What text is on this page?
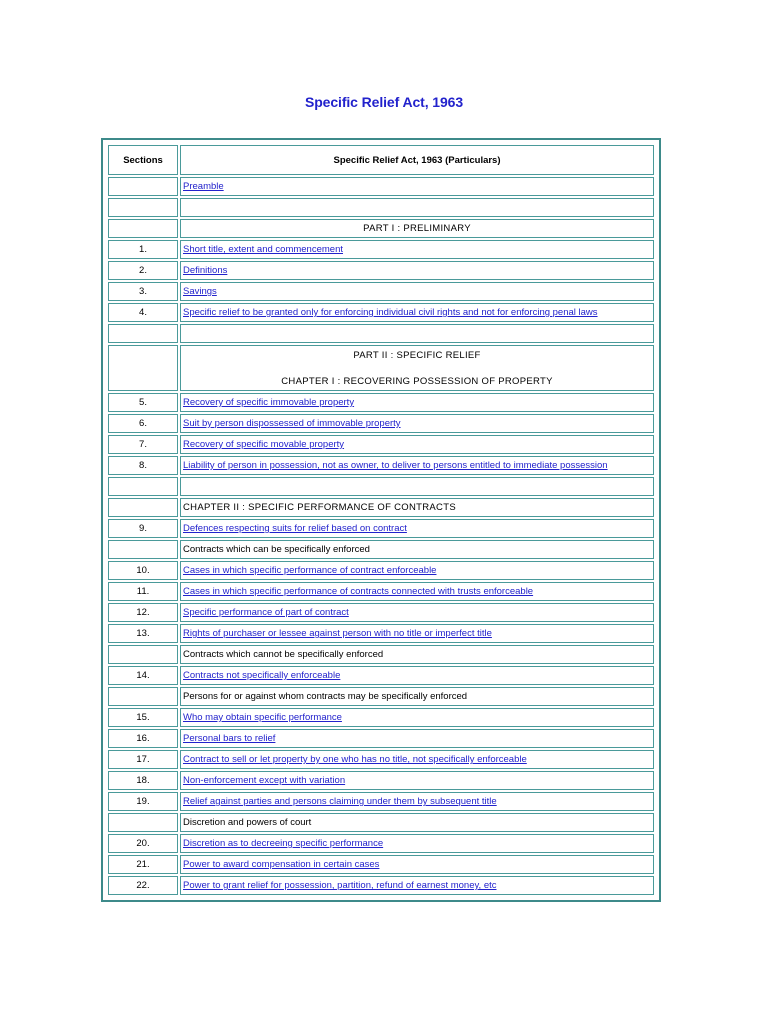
Specific Relief Act, 1963
Sections	Specific Relief Act, 1963 (Particulars)
	Preamble

	PART I : PRELIMINARY
1.	Short title, extent and commencement
2.	Definitions
3.	Savings
4.	Specific relief to be granted only for enforcing individual civil rights and not for enforcing penal laws

	PART II : SPECIFIC RELIEF
CHAPTER I : RECOVERING POSSESSION OF PROPERTY

5.	Recovery of specific immovable property
6.	Suit by person dispossessed of immovable property
7.	Recovery of specific movable property
8.	Liability of person in possession, not as owner, to deliver to persons entitled to immediate possession

	CHAPTER II : SPECIFIC PERFORMANCE OF CONTRACTS
9.	Defences respecting suits for relief based on contract
	Contracts which can be specifically enforced
10.	Cases in which specific performance of contract enforceable
11.	Cases in which specific performance of contracts connected with trusts enforceable
12.	Specific performance of part of contract
13.	Rights of purchaser or lessee against person with no title or imperfect title
	Contracts which cannot be specifically enforced
14.	Contracts not specifically enforceable
	Persons for or against whom contracts may be specifically enforced
15.	Who may obtain specific performance
16.	Personal bars to relief
17.	Contract to sell or let property by one who has no title, not specifically enforceable
18.	Non-enforcement except with variation
19.	Relief against parties and persons claiming under them by subsequent title
	Discretion and powers of court
20.	Discretion as to decreeing specific performance
21.	Power to award compensation in certain cases
22.	Power to grant relief for possession, partition, refund of earnest money, etc
